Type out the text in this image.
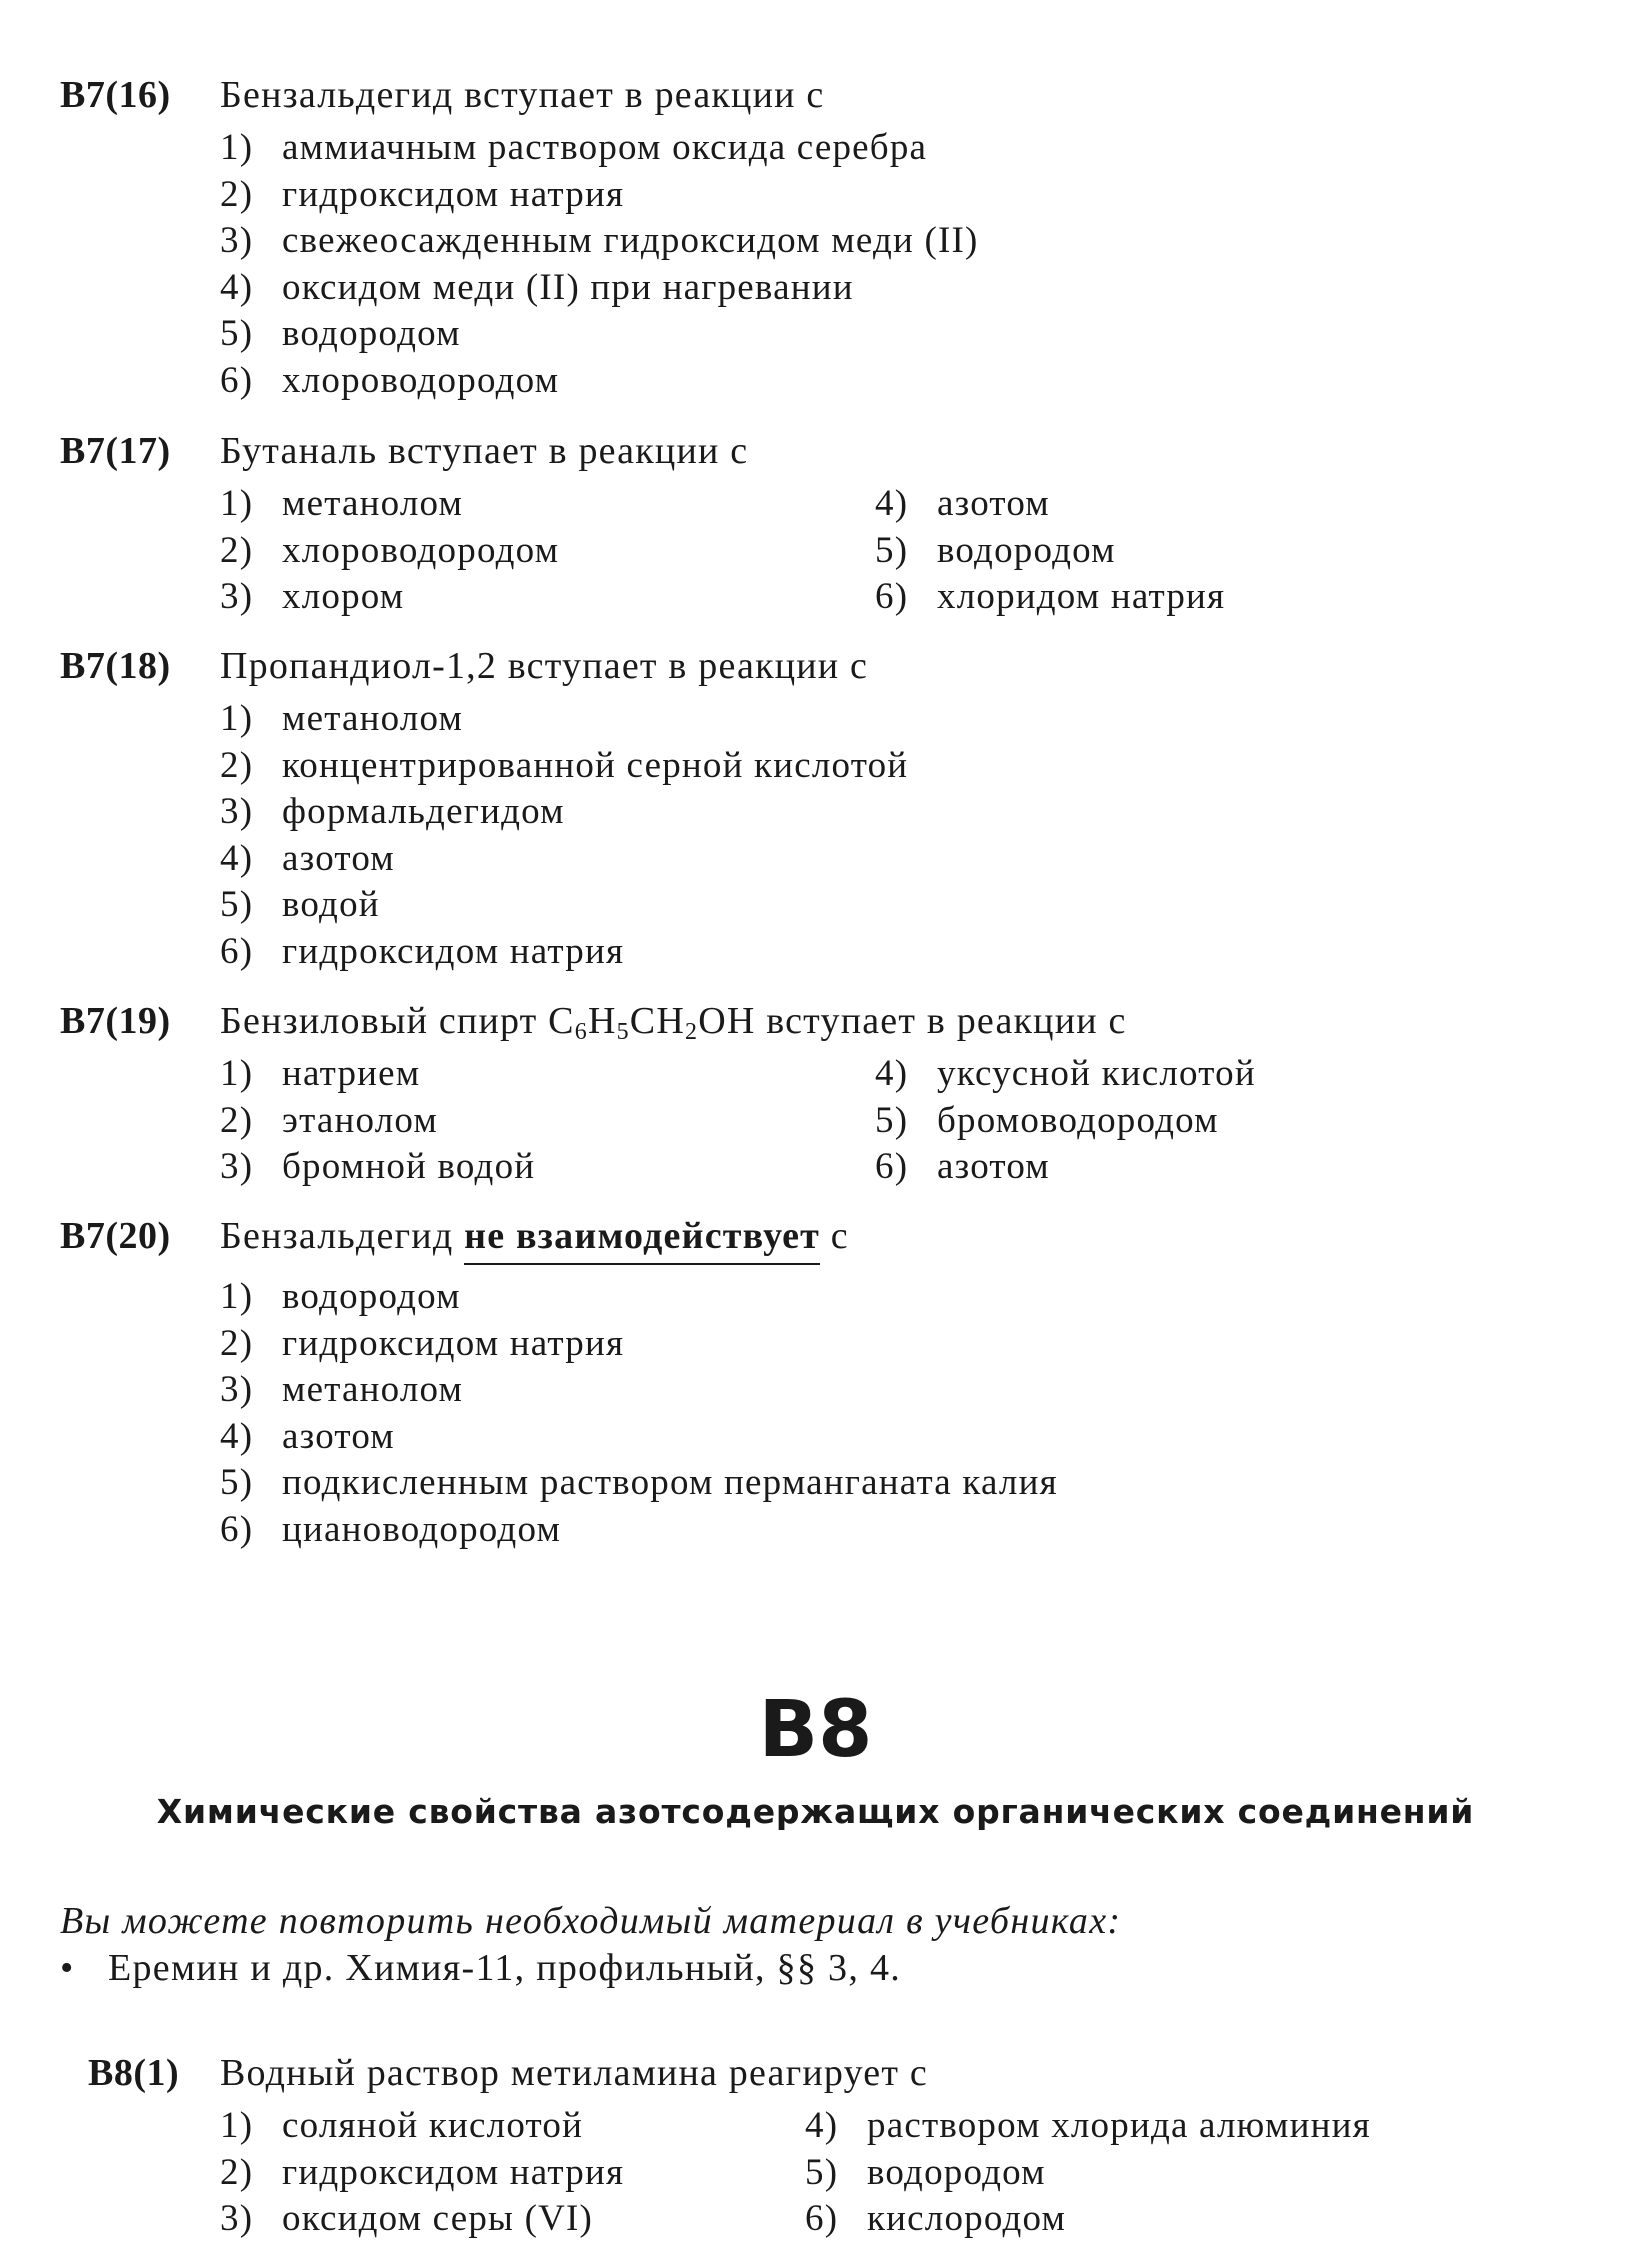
В7(16)	Бензальдегид вступает в реакции с
1) аммиачным раствором оксида серебра
2) гидроксидом натрия
3) свежеосажденным гидроксидом меди (II)
4) оксидом меди (II) при нагревании
5) водородом
6) хлороводородом
В7(17)	Бутаналь вступает в реакции с
1) метанолом
2) хлороводородом
3) хлором
4) азотом
5) водородом
6) хлоридом натрия
В7(18)	Пропандиол-1,2 вступает в реакции с
1) метанолом
2) концентрированной серной кислотой
3) формальдегидом
4) азотом
5) водой
6) гидроксидом натрия
В7(19)	Бензиловый спирт $C_6H_5CH_2OH$ вступает в реакции с
1) натрием
2) этанолом
3) бромной водой
4) уксусной кислотой
5) бромоводородом
6) азотом
В7(20)	Бензальдегид не взаимодействует с
1) водородом
2) гидроксидом натрия
3) метанолом
4) азотом
5) подкисленным раствором перманганата калия
6) циановодородом
В8
Химические свойства азотсодержащих органических соединений
Вы можете повторить необходимый материал в учебниках:
• Еремин и др. Химия-11, профильный, §§ 3, 4.
В8(1)	Водный раствор метиламина реагирует с
1) соляной кислотой
2) гидроксидом натрия
3) оксидом серы (VI)
4) раствором хлорида алюминия
5) водородом
6) кислородом
